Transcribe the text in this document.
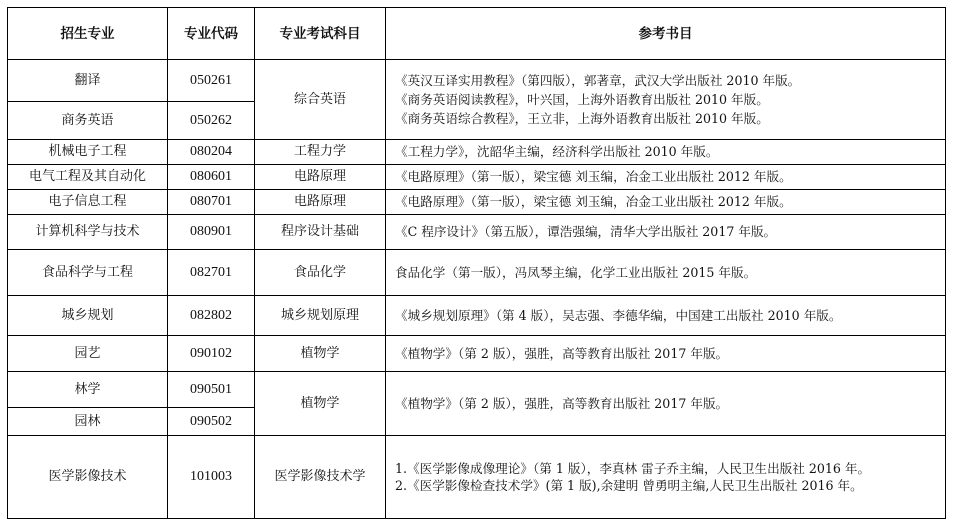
招生专业	专业代码	专业考试科目	参考书目
翻译	050261	综合英语	《英汉互译实用教程》（第四版），郭著章，武汉大学出版社 2010 年版。
《商务英语阅读教程》，叶兴国，上海外语教育出版社 2010 年版。
《商务英语综合教程》，王立非，上海外语教育出版社 2010 年版。

商务英语	050262		
机械电子工程	080204	工程力学	《工程力学》，沈韶华主编，经济科学出版社 2010 年版。
电气工程及其自动化	080601	电路原理	《电路原理》（第一版），梁宝德 刘玉编，冶金工业出版社 2012 年版。
电子信息工程	080701	电路原理	《电路原理》（第一版），梁宝德 刘玉编，冶金工业出版社 2012 年版。
计算机科学与技术	080901	程序设计基础	《C 程序设计》（第五版），谭浩强编，清华大学出版社 2017 年版。
食品科学与工程	082701	食品化学	食品化学（第一版），冯凤琴主编，化学工业出版社 2015 年版。
城乡规划	082802	城乡规划原理	《城乡规划原理》（第 4 版），吴志强、李德华编，中国建工出版社 2010 年版。
园艺	090102	植物学	《植物学》（第 2 版），强胜，高等教育出版社 2017 年版。
林学	090501	植物学	《植物学》（第 2 版），强胜，高等教育出版社 2017 年版。
园林	090502		
医学影像技术	101003	医学影像技术学	1.《医学影像成像理论》（第 1 版），李真林 雷子乔主编，人民卫生出版社 2016 年。
2.《医学影像检查技术学》(第 1 版),余建明 曾勇明主编,人民卫生出版社 2016 年。
